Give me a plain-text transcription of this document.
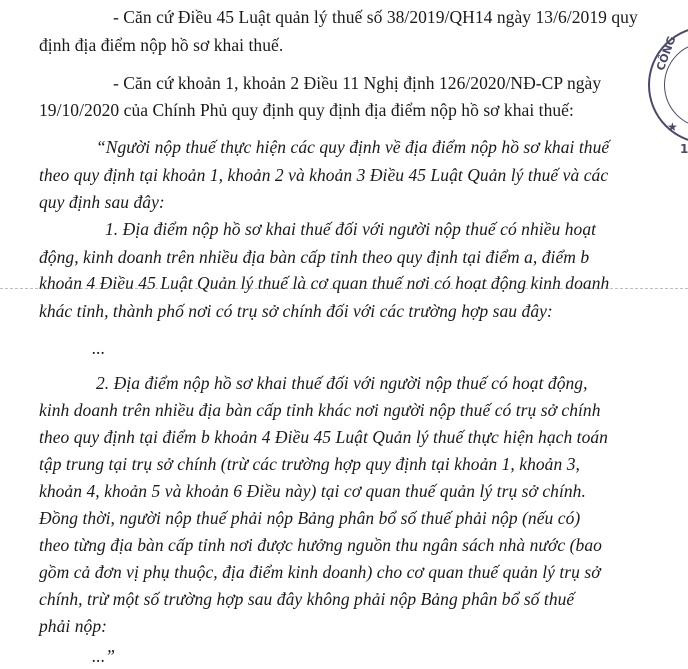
- Căn cứ Điều 45 Luật quản lý thuế số 38/2019/QH14 ngày 13/6/2019 quy
định địa điểm nộp hồ sơ khai thuế.
- Căn cứ khoản 1, khoản 2 Điều 11 Nghị định 126/2020/NĐ-CP ngày
19/10/2020 của Chính Phủ quy định quy định địa điểm nộp hồ sơ khai thuế:
“Người nộp thuế thực hiện các quy định về địa điểm nộp hồ sơ khai thuế
theo quy định tại khoản 1, khoản 2 và khoản 3 Điều 45 Luật Quản lý thuế và các
quy định sau đây:
1. Địa điểm nộp hồ sơ khai thuế đối với người nộp thuế có nhiều hoạt
động, kinh doanh trên nhiều địa bàn cấp tỉnh theo quy định tại điểm a, điểm b
khoản 4 Điều 45 Luật Quản lý thuế là cơ quan thuế nơi có hoạt động kinh doanh
khác tỉnh, thành phố nơi có trụ sở chính đối với các trường hợp sau đây:
...
2. Địa điểm nộp hồ sơ khai thuế đối với người nộp thuế có hoạt động,
kinh doanh trên nhiều địa bàn cấp tỉnh khác nơi người nộp thuế có trụ sở chính
theo quy định tại điểm b khoản 4 Điều 45 Luật Quản lý thuế thực hiện hạch toán
tập trung tại trụ sở chính (trừ các trường hợp quy định tại khoản 1, khoản 3,
khoản 4, khoản 5 và khoản 6 Điều này) tại cơ quan thuế quản lý trụ sở chính.
Đồng thời, người nộp thuế phải nộp Bảng phân bổ số thuế phải nộp (nếu có)
theo từng địa bàn cấp tỉnh nơi được hưởng nguồn thu ngân sách nhà nước (bao
gồm cả đơn vị phụ thuộc, địa điểm kinh doanh) cho cơ quan thuế quản lý trụ sở
chính, trừ một số trường hợp sau đây không phải nộp Bảng phân bổ số thuế
phải nộp:
...”
CÔNG
★
1
